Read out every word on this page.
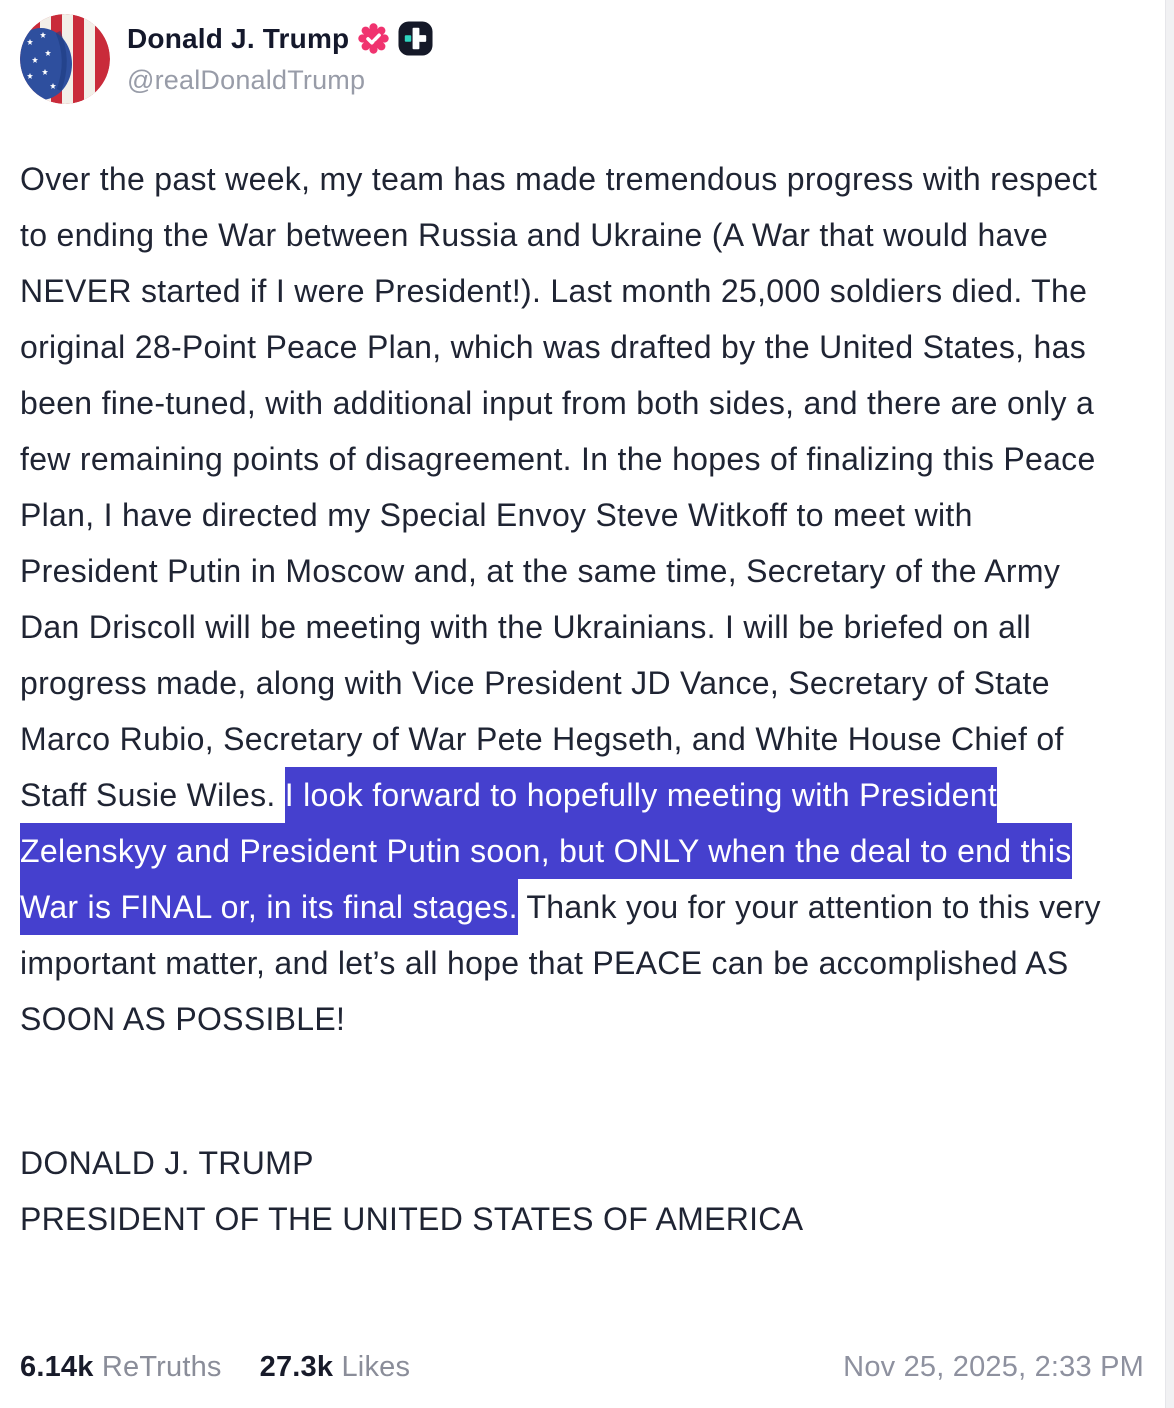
Donald J. Trump
@realDonaldTrump

Over the past week, my team has made tremendous progress with respect to ending the War between Russia and Ukraine (A War that would have NEVER started if I were President!). Last month 25,000 soldiers died. The original 28-Point Peace Plan, which was drafted by the United States, has been fine-tuned, with additional input from both sides, and there are only a few remaining points of disagreement. In the hopes of finalizing this Peace Plan, I have directed my Special Envoy Steve Witkoff to meet with President Putin in Moscow and, at the same time, Secretary of the Army Dan Driscoll will be meeting with the Ukrainians. I will be briefed on all progress made, along with Vice President JD Vance, Secretary of State Marco Rubio, Secretary of War Pete Hegseth, and White House Chief of Staff Susie Wiles. I look forward to hopefully meeting with President Zelenskyy and President Putin soon, but ONLY when the deal to end this War is FINAL or, in its final stages. Thank you for your attention to this very important matter, and let’s all hope that PEACE can be accomplished AS SOON AS POSSIBLE!

DONALD J. TRUMP
PRESIDENT OF THE UNITED STATES OF AMERICA
6.14k ReTruths 27.3k Likes	Nov 25, 2025, 2:33 PM
